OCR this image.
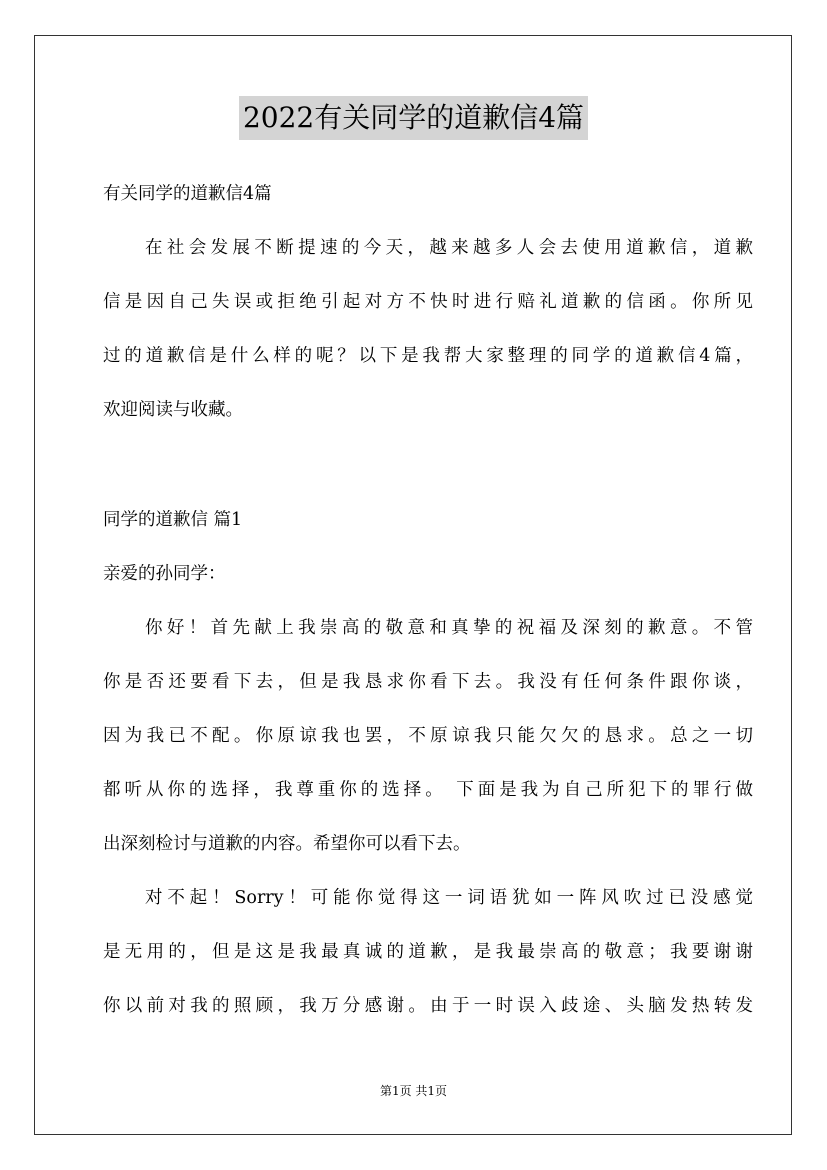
2022有关同学的道歉信4篇

有关同学的道歉信4篇

在社会发展不断提速的今天，越来越多人会去使用道歉信，道歉

信是因自己失误或拒绝引起对方不快时进行赔礼道歉的信函。你所见

过的道歉信是什么样的呢？以下是我帮大家整理的同学的道歉信4篇，

欢迎阅读与收藏。

同学的道歉信 篇1

亲爱的孙同学：

你好！首先献上我崇高的敬意和真挚的祝福及深刻的歉意。不管

你是否还要看下去，但是我恳求你看下去。我没有任何条件跟你谈，

因为我已不配。你原谅我也罢，不原谅我只能欠欠的恳求。总之一切

都听从你的选择，我尊重你的选择。 下面是我为自己所犯下的罪行做

出深刻检讨与道歉的内容。希望你可以看下去。

对不起！Sorry！可能你觉得这一词语犹如一阵风吹过已没感觉

是无用的，但是这是我最真诚的道歉，是我最崇高的敬意；我要谢谢

你以前对我的照顾，我万分感谢。由于一时误入歧途、头脑发热转发

第1页 共1页
